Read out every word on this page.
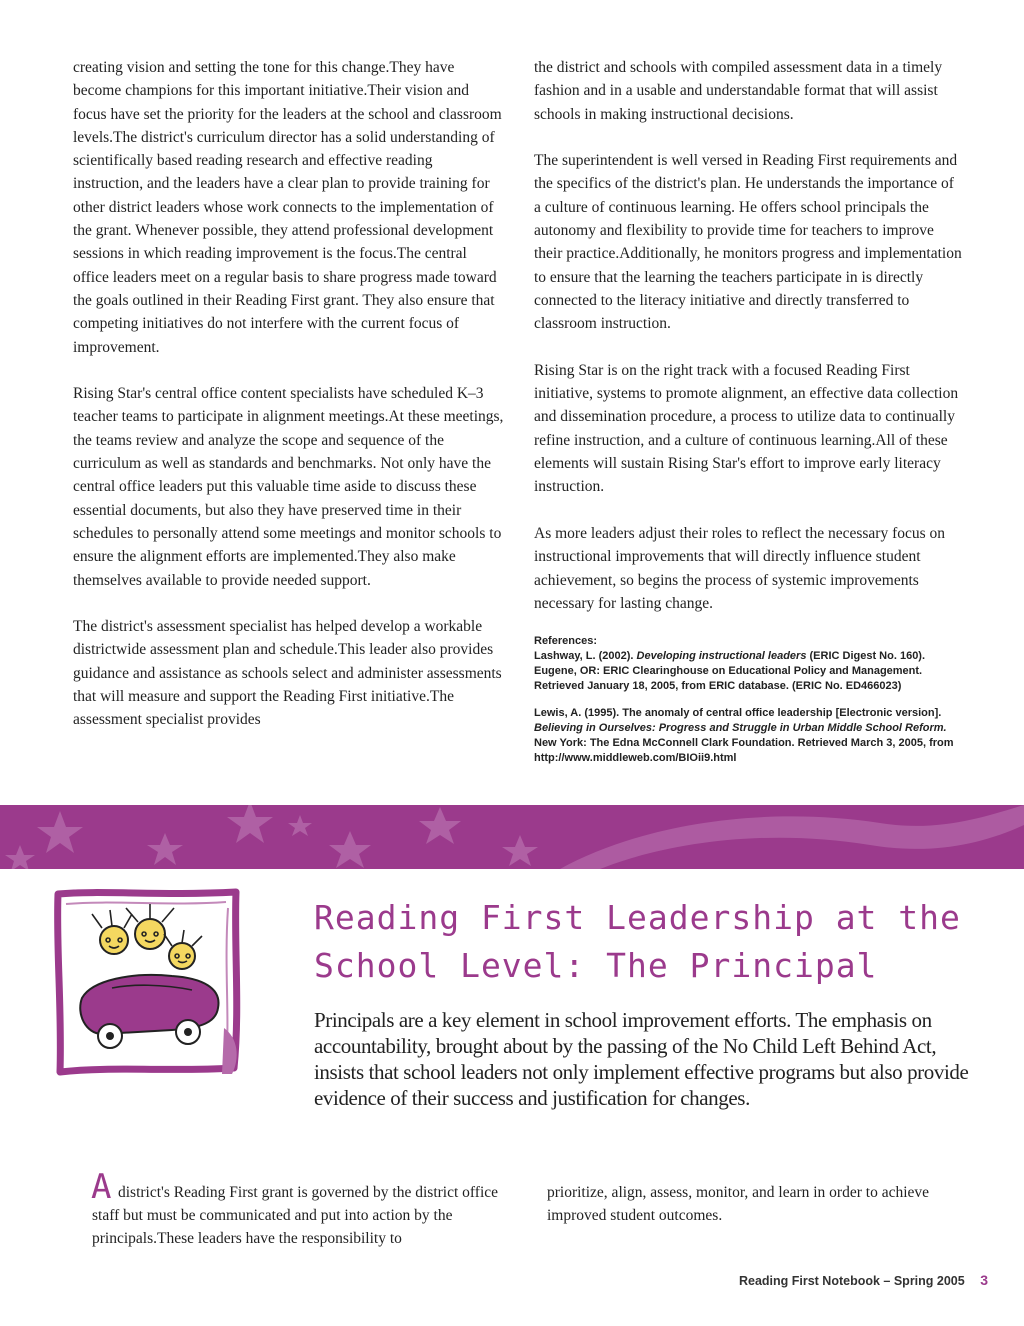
creating vision and setting the tone for this change.They have become champions for this important initiative.Their vision and focus have set the priority for the leaders at the school and classroom levels.The district's curriculum director has a solid understanding of scientifically based reading research and effective reading instruction, and the leaders have a clear plan to provide training for other district leaders whose work connects to the implementation of the grant. Whenever possible, they attend professional development sessions in which reading improvement is the focus.The central office leaders meet on a regular basis to share progress made toward the goals outlined in their Reading First grant. They also ensure that competing initiatives do not interfere with the current focus of improvement.

Rising Star's central office content specialists have scheduled K–3 teacher teams to participate in alignment meetings.At these meetings, the teams review and analyze the scope and sequence of the curriculum as well as standards and benchmarks. Not only have the central office leaders put this valuable time aside to discuss these essential documents, but also they have preserved time in their schedules to personally attend some meetings and monitor schools to ensure the alignment efforts are implemented.They also make themselves available to provide needed support.

The district's assessment specialist has helped develop a workable districtwide assessment plan and schedule.This leader also provides guidance and assistance as schools select and administer assessments that will measure and support the Reading First initiative.The assessment specialist provides

the district and schools with compiled assessment data in a timely fashion and in a usable and understandable format that will assist schools in making instructional decisions.

The superintendent is well versed in Reading First requirements and the specifics of the district's plan. He understands the importance of a culture of continuous learning. He offers school principals the autonomy and flexibility to provide time for teachers to improve their practice.Additionally, he monitors progress and implementation to ensure that the learning the teachers participate in is directly connected to the literacy initiative and directly transferred to classroom instruction.

Rising Star is on the right track with a focused Reading First initiative, systems to promote alignment, an effective data collection and dissemination procedure, a process to utilize data to continually refine instruction, and a culture of continuous learning.All of these elements will sustain Rising Star's effort to improve early literacy instruction.

As more leaders adjust their roles to reflect the necessary focus on instructional improvements that will directly influence student achievement, so begins the process of systemic improvements necessary for lasting change.

References:
Lashway, L. (2002). Developing instructional leaders (ERIC Digest No. 160). Eugene, OR: ERIC Clearinghouse on Educational Policy and Management. Retrieved January 18, 2005, from ERIC database. (ERIC No. ED466023)
Lewis, A. (1995). The anomaly of central office leadership [Electronic version]. Believing in Ourselves: Progress and Struggle in Urban Middle School Reform. New York: The Edna McConnell Clark Foundation. Retrieved March 3, 2005, from http://www.middleweb.com/BIOii9.html
Reading First Leadership at the School Level: The Principal

Principals are a key element in school improvement efforts. The emphasis on accountability, brought about by the passing of the No Child Left Behind Act, insists that school leaders not only implement effective programs but also provide evidence of their success and justification for changes.

A district's Reading First grant is governed by the district office staff but must be communicated and put into action by the principals.These leaders have the responsibility to

prioritize, align, assess, monitor, and learn in order to achieve improved student outcomes.

Reading First Notebook – Spring 2005 3
